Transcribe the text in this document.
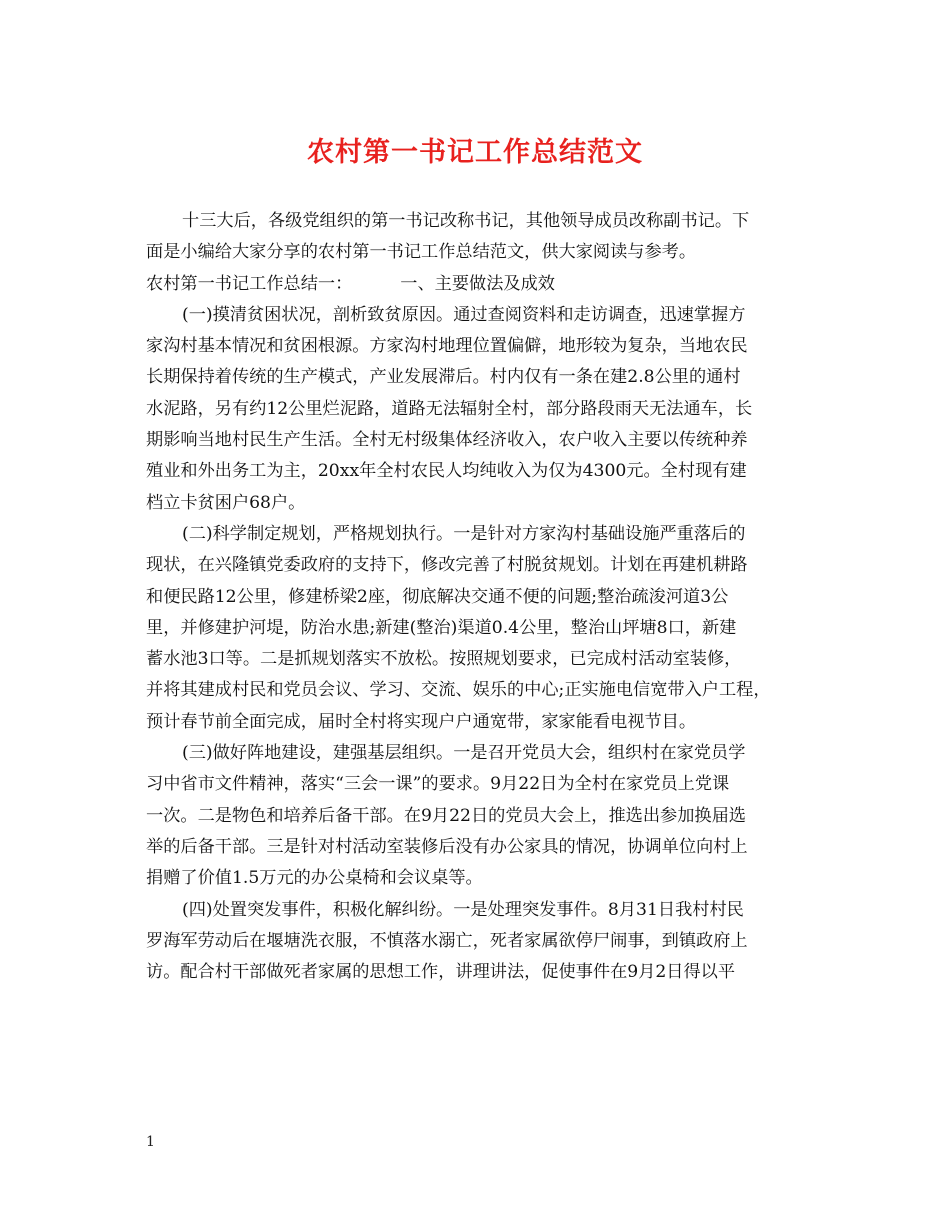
农村第一书记工作总结范文
十三大后，各级党组织的第一书记改称书记，其他领导成员改称副书记。下
面是小编给大家分享的农村第一书记工作总结范文，供大家阅读与参考。
农村第一书记工作总结一：	一、主要做法及成效
(一)摸清贫困状况，剖析致贫原因。通过查阅资料和走访调查，迅速掌握方
家沟村基本情况和贫困根源。方家沟村地理位置偏僻，地形较为复杂，当地农民
长期保持着传统的生产模式，产业发展滞后。村内仅有一条在建2.8公里的通村
水泥路，另有约12公里烂泥路，道路无法辐射全村，部分路段雨天无法通车，长
期影响当地村民生产生活。全村无村级集体经济收入，农户收入主要以传统种养
殖业和外出务工为主，20xx年全村农民人均纯收入为仅为4300元。全村现有建
档立卡贫困户68户。
(二)科学制定规划，严格规划执行。一是针对方家沟村基础设施严重落后的
现状，在兴隆镇党委政府的支持下，修改完善了村脱贫规划。计划在再建机耕路
和便民路12公里，修建桥梁2座，彻底解决交通不便的问题;整治疏浚河道3公
里，并修建护河堤，防治水患;新建(整治)渠道0.4公里，整治山坪塘8口，新建
蓄水池3口等。二是抓规划落实不放松。按照规划要求，已完成村活动室装修，
并将其建成村民和党员会议、学习、交流、娱乐的中心;正实施电信宽带入户工程，
预计春节前全面完成，届时全村将实现户户通宽带，家家能看电视节目。
(三)做好阵地建设，建强基层组织。一是召开党员大会，组织村在家党员学
习中省市文件精神，落实“三会一课”的要求。9月22日为全村在家党员上党课
一次。二是物色和培养后备干部。在9月22日的党员大会上，推选出参加换届选
举的后备干部。三是针对村活动室装修后没有办公家具的情况，协调单位向村上
捐赠了价值1.5万元的办公桌椅和会议桌等。
(四)处置突发事件，积极化解纠纷。一是处理突发事件。8月31日我村村民
罗海军劳动后在堰塘洗衣服，不慎落水溺亡，死者家属欲停尸闹事，到镇政府上
访。配合村干部做死者家属的思想工作，讲理讲法，促使事件在9月2日得以平
1
